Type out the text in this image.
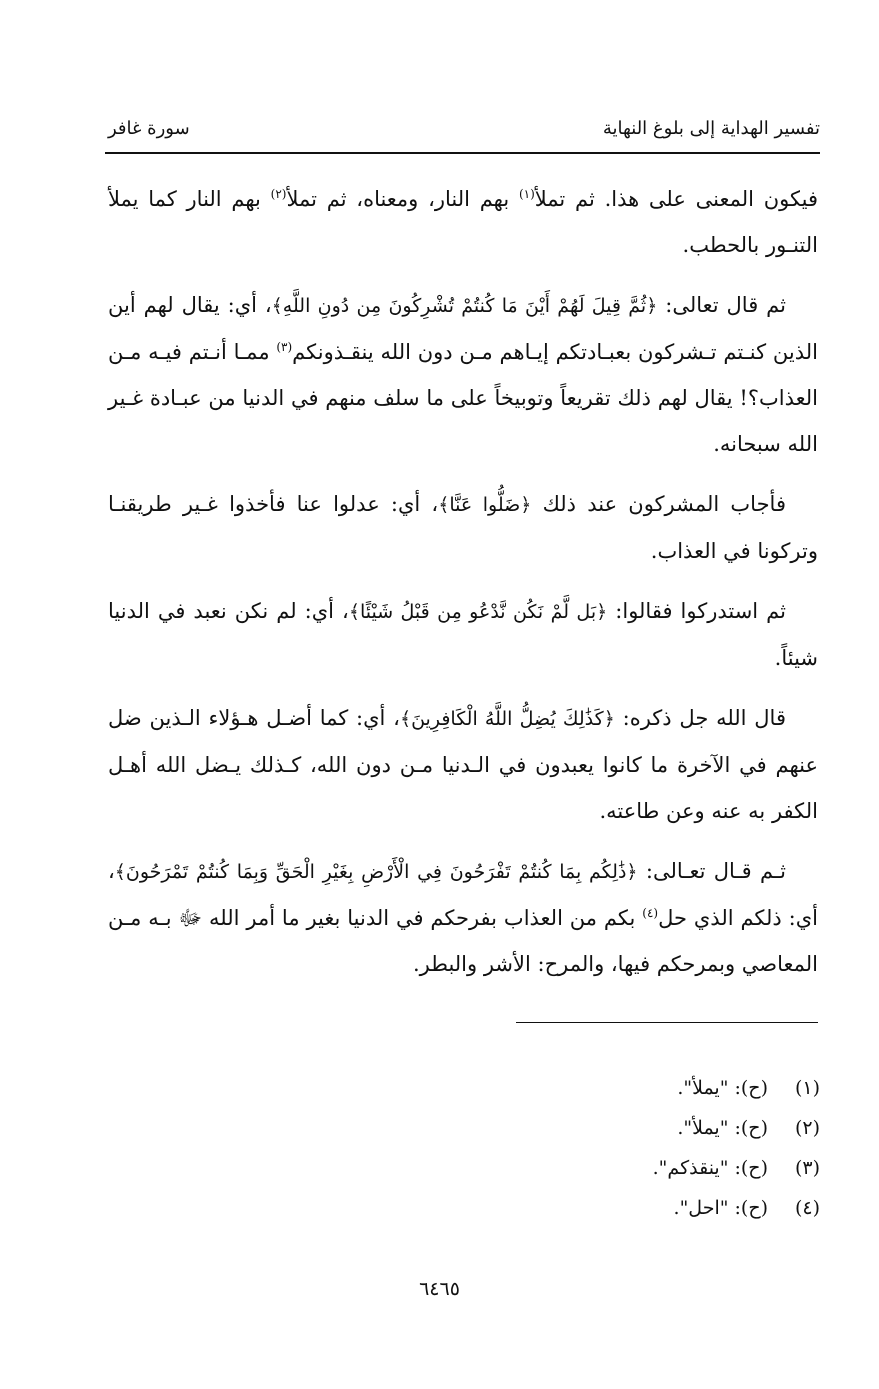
تفسير الهداية إلى بلوغ النهاية
سورة غافر

فيكون المعنى على هذا. ثم تملأ$^{(١)}$ بهم النار، ومعناه، ثم تملأ$^{(٢)}$ بهم النار كما يملأ التنـور بالحطب.

ثم قال تعالى: ﴿ثُمَّ قِيلَ لَهُمْ أَيْنَ مَا كُنتُمْ تُشْرِكُونَ مِن دُونِ اللَّهِ﴾، أي: يقال لهم أين الذين كنـتم تـشركون بعبـادتكم إيـاهم مـن دون الله ينقـذونكم$^{(٣)}$ ممـا أنـتم فيـه مـن العذاب؟! يقال لهم ذلك تقريعاً وتوبيخاً على ما سلف منهم في الدنيا من عبـادة غـير الله سبحانه.

فأجاب المشركون عند ذلك ﴿ضَلُّوا عَنَّا﴾، أي: عدلوا عنا فأخذوا غـير طريقنـا وتركونا في العذاب.

ثم استدركوا فقالوا: ﴿بَل لَّمْ نَكُن نَّدْعُو مِن قَبْلُ شَيْئًا﴾، أي: لم نكن نعبد في الدنيا شيئاً.

قال الله جل ذكره: ﴿كَذَٰلِكَ يُضِلُّ اللَّهُ الْكَافِرِينَ﴾، أي: كما أضـل هـؤلاء الـذين ضل عنهم في الآخرة ما كانوا يعبدون في الـدنيا مـن دون الله، كـذلك يـضل الله أهـل الكفر به عنه وعن طاعته.

ثـم قـال تعـالى: ﴿ذَٰلِكُم بِمَا كُنتُمْ تَفْرَحُونَ فِي الْأَرْضِ بِغَيْرِ الْحَقِّ وَبِمَا كُنتُمْ تَمْرَحُونَ﴾، أي: ذلكم الذي حل$^{(٤)}$ بكم من العذاب بفرحكم في الدنيا بغير ما أمر الله ﷻ بـه مـن المعاصي وبمرحكم فيها، والمرح: الأشر والبطر.

(١)(ح): "يملأ".
(٢)(ح): "يملأ".
(٣)(ح): "ينقذكم".
(٤)(ح): "احل".
٦٤٦٥
